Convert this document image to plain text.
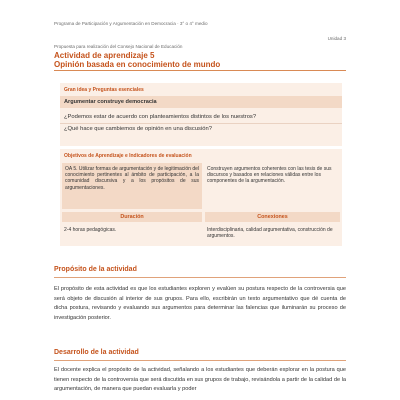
Programa de Participación y Argumentación en Democracia · 3° o 4° medio
Unidad 3
Propuesta para realización del Consejo Nacional de Educación
Actividad de aprendizaje 5
Opinión basada en conocimiento de mundo
Gran idea y Preguntas esenciales
Argumentar construye democracia
¿Podemos estar de acuerdo con planteamientos distintos de los nuestros?
¿Qué hace que cambiemos de opinión en una discusión?
Objetivos de Aprendizaje e Indicadores de evaluación
OA 5. Utilizar formas de argumentación y de legitimación del conocimiento pertinentes al ámbito de participación, a la comunidad discursiva y a los propósitos de sus argumentaciones.
Construyen argumentos coherentes con las tesis de sus discursos y basados en relaciones válidas entre los componentes de la argumentación.
Duración	Conexiones
2-4 horas pedagógicas.	Interdisciplinaria, calidad argumentativa, construcción de argumentos.
Propósito de la actividad
El propósito de esta actividad es que los estudiantes exploren y evalúen su postura respecto de la controversia que será objeto de discusión al interior de sus grupos. Para ello, escribirán un texto argumentativo que dé cuenta de dicha postura, revisando y evaluando sus argumentos para determinar las falencias que iluminarán su proceso de investigación posterior.
Desarrollo de la actividad
El docente explica el propósito de la actividad, señalando a los estudiantes que deberán explorar en la postura que tienen respecto de la controversia que será discutida en sus grupos de trabajo, revisándola a partir de la calidad de la argumentación, de manera que puedan evaluarla y poder
